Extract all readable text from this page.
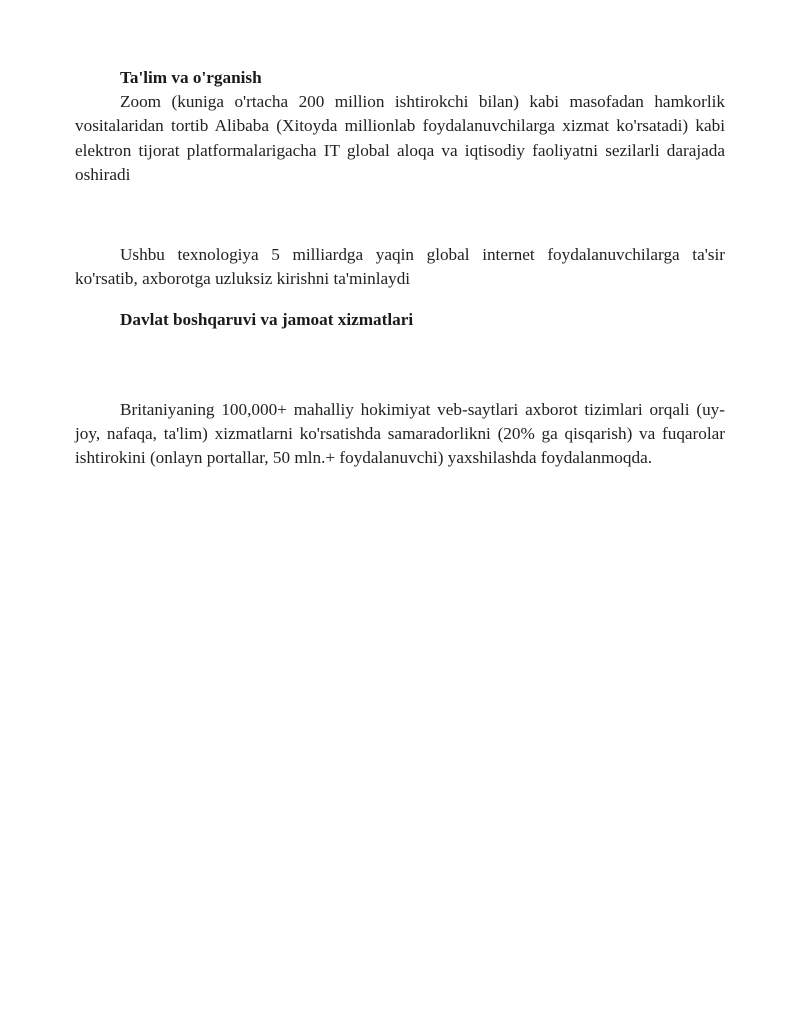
Ta'lim va o'rganish

Zoom (kuniga o'rtacha 200 million ishtirokchi bilan) kabi masofadan hamkorlik vositalaridan tortib Alibaba (Xitoyda millionlab foydalanuvchilarga xizmat ko'rsatadi) kabi elektron tijorat platformalarigacha IT global aloqa va iqtisodiy faoliyatni sezilarli darajada oshiradi

Ushbu texnologiya 5 milliardga yaqin global internet foydalanuvchilarga ta'sir ko'rsatib, axborotga uzluksiz kirishni ta'minlaydi

Davlat boshqaruvi va jamoat xizmatlari

Britaniyaning 100,000+ mahalliy hokimiyat veb-saytlari axborot tizimlari orqali (uy-joy, nafaqa, ta'lim) xizmatlarni ko'rsatishda samaradorlikni (20% ga qisqarish) va fuqarolar ishtirokini (onlayn portallar, 50 mln.+ foydalanuvchi) yaxshilashda foydalanmoqda.
